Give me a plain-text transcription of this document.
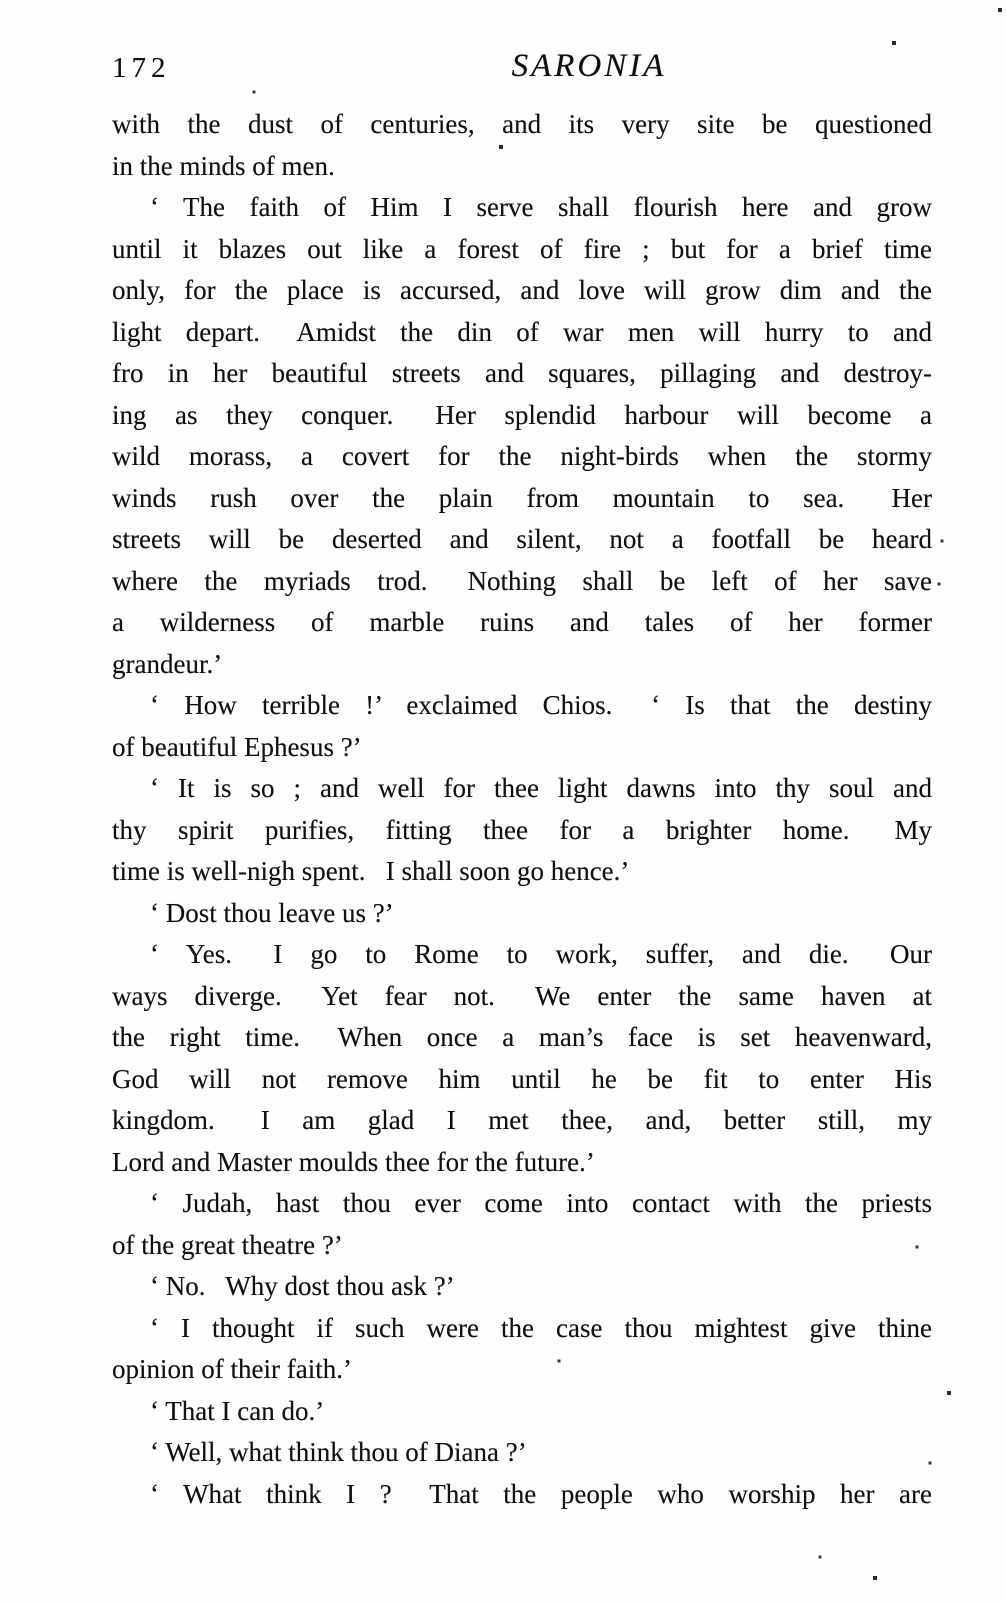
172	SARONIA
with the dust of centuries, and its very site be questioned
in the minds of men.
‘ The faith of Him I serve shall flourish here and grow
until it blazes out like a forest of fire ; but for a brief time
only, for the place is accursed, and love will grow dim and the
light depart.  Amidst the din of war men will hurry to and
fro in her beautiful streets and squares, pillaging and destroy-
ing as they conquer.  Her splendid harbour will become a
wild morass, a covert for the night-birds when the stormy
winds rush over the plain from mountain to sea.  Her
streets will be deserted and silent, not a footfall be heard
where the myriads trod.  Nothing shall be left of her save
a wilderness of marble ruins and tales of her former
grandeur.’
‘ How terrible !’ exclaimed Chios.  ‘ Is that the destiny
of beautiful Ephesus ?’
‘ It is so ; and well for thee light dawns into thy soul and
thy spirit purifies, fitting thee for a brighter home.  My
time is well-nigh spent.  I shall soon go hence.’
‘ Dost thou leave us ?’
‘ Yes.  I go to Rome to work, suffer, and die.  Our
ways diverge.  Yet fear not.  We enter the same haven at
the right time.  When once a man’s face is set heavenward,
God will not remove him until he be fit to enter His
kingdom.  I am glad I met thee, and, better still, my
Lord and Master moulds thee for the future.’
‘ Judah, hast thou ever come into contact with the priests
of the great theatre ?’
‘ No.  Why dost thou ask ?’
‘ I thought if such were the case thou mightest give thine
opinion of their faith.’
‘ That I can do.’
‘ Well, what think thou of Diana ?’
‘ What think I ?  That the people who worship her are
